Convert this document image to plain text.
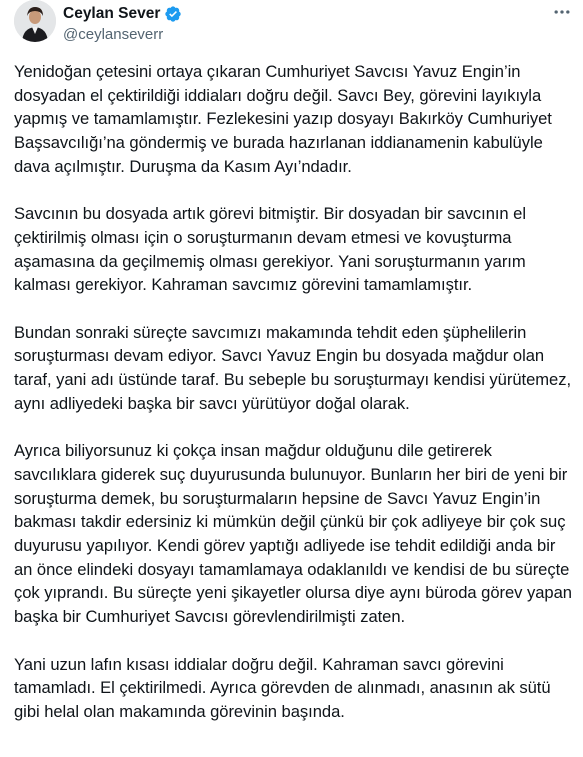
Ceylan Sever
@ceylanseverr

Yenidoğan çetesini ortaya çıkaran Cumhuriyet Savcısı Yavuz Engin’in dosyadan el çektirildiği iddiaları doğru değil. Savcı Bey, görevini layıkıyla yapmış ve tamamlamıştır. Fezlekesini yazıp dosyayı Bakırköy Cumhuriyet Başsavcılığı’na göndermiş ve burada hazırlanan iddianamenin kabulüyle dava açılmıştır. Duruşma da Kasım Ayı’ndadır.

Savcının bu dosyada artık görevi bitmiştir. Bir dosyadan bir savcının el çektirilmiş olması için o soruşturmanın devam etmesi ve kovuşturma aşamasına da geçilmemiş olması gerekiyor. Yani soruşturmanın yarım kalması gerekiyor. Kahraman savcımız görevini tamamlamıştır.

Bundan sonraki süreçte savcımızı makamında tehdit eden şüphelilerin soruşturması devam ediyor. Savcı Yavuz Engin bu dosyada mağdur olan taraf, yani adı üstünde taraf. Bu sebeple bu soruşturmayı kendisi yürütemez, aynı adliyedeki başka bir savcı yürütüyor doğal olarak.

Ayrıca biliyorsunuz ki çokça insan mağdur olduğunu dile getirerek savcılıklara giderek suç duyurusunda bulunuyor. Bunların her biri de yeni bir soruşturma demek, bu soruşturmaların hepsine de Savcı Yavuz Engin’in bakması takdir edersiniz ki mümkün değil çünkü bir çok adliyeye bir çok suç duyurusu yapılıyor. Kendi görev yaptığı adliyede ise tehdit edildiği anda bir an önce elindeki dosyayı tamamlamaya odaklanıldı ve kendisi de bu süreçte çok yıprandı. Bu süreçte yeni şikayetler olursa diye aynı büroda görev yapan başka bir Cumhuriyet Savcısı görevlendirilmişti zaten.

Yani uzun lafın kısası iddialar doğru değil. Kahraman savcı görevini tamamladı. El çektirilmedi. Ayrıca görevden de alınmadı, anasının ak sütü gibi helal olan makamında görevinin başında.
